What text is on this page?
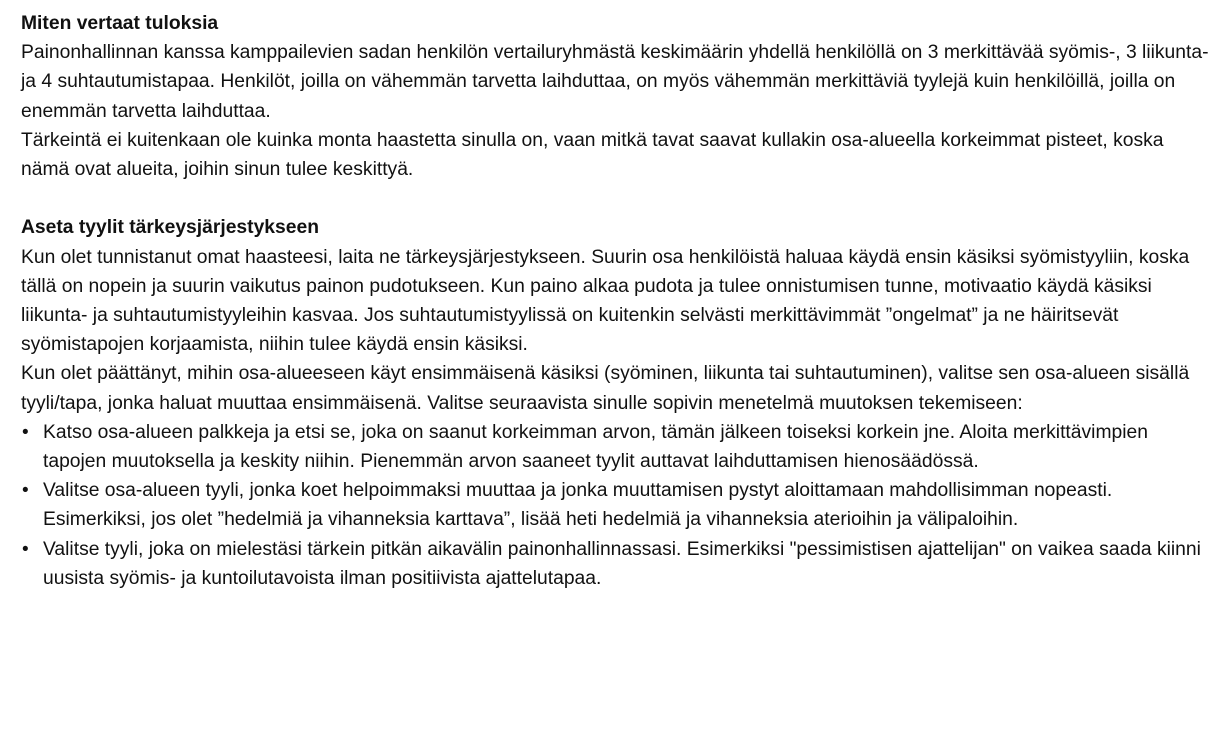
Miten vertaat tuloksia

Painonhallinnan kanssa kamppailevien sadan henkilön vertailuryhmästä keskimäärin yhdellä henkilöllä on 3 merkittävää syömis-, 3 liikunta- ja 4 suhtautumistapaa. Henkilöt, joilla on vähemmän tarvetta laihduttaa, on myös vähemmän merkittäviä tyylejä kuin henkilöillä, joilla on enemmän tarvetta laihduttaa.

Tärkeintä ei kuitenkaan ole kuinka monta haastetta sinulla on, vaan mitkä tavat saavat kullakin osa-alueella korkeimmat pisteet, koska nämä ovat alueita, joihin sinun tulee keskittyä.

Aseta tyylit tärkeysjärjestykseen

Kun olet tunnistanut omat haasteesi, laita ne tärkeysjärjestykseen. Suurin osa henkilöistä haluaa käydä ensin käsiksi syömistyyliin, koska tällä on nopein ja suurin vaikutus painon pudotukseen. Kun paino alkaa pudota ja tulee onnistumisen tunne, motivaatio käydä käsiksi liikunta- ja suhtautumistyyleihin kasvaa. Jos suhtautumistyylissä on kuitenkin selvästi merkittävimmät ”ongelmat” ja ne häiritsevät syömistapojen korjaamista, niihin tulee käydä ensin käsiksi.

Kun olet päättänyt, mihin osa-alueeseen käyt ensimmäisenä käsiksi (syöminen, liikunta tai suhtautuminen), valitse sen osa-alueen sisällä tyyli/tapa, jonka haluat muuttaa ensimmäisenä. Valitse seuraavista sinulle sopivin menetelmä muutoksen tekemiseen:

• Katso osa-alueen palkkeja ja etsi se, joka on saanut korkeimman arvon, tämän jälkeen toiseksi korkein jne. Aloita merkittävimpien tapojen muutoksella ja keskity niihin. Pienemmän arvon saaneet tyylit auttavat laihduttamisen hienosäädössä.
• Valitse osa-alueen tyyli, jonka koet helpoimmaksi muuttaa ja jonka muuttamisen pystyt aloittamaan mahdollisimman nopeasti. Esimerkiksi, jos olet ”hedelmiä ja vihanneksia karttava”, lisää heti hedelmiä ja vihanneksia aterioihin ja välipaloihin.
• Valitse tyyli, joka on mielestäsi tärkein pitkän aikavälin painonhallinnassasi. Esimerkiksi "pessimistisen ajattelijan" on vaikea saada kiinni uusista syömis- ja kuntoilutavoista ilman positiivista ajattelutapaa.
